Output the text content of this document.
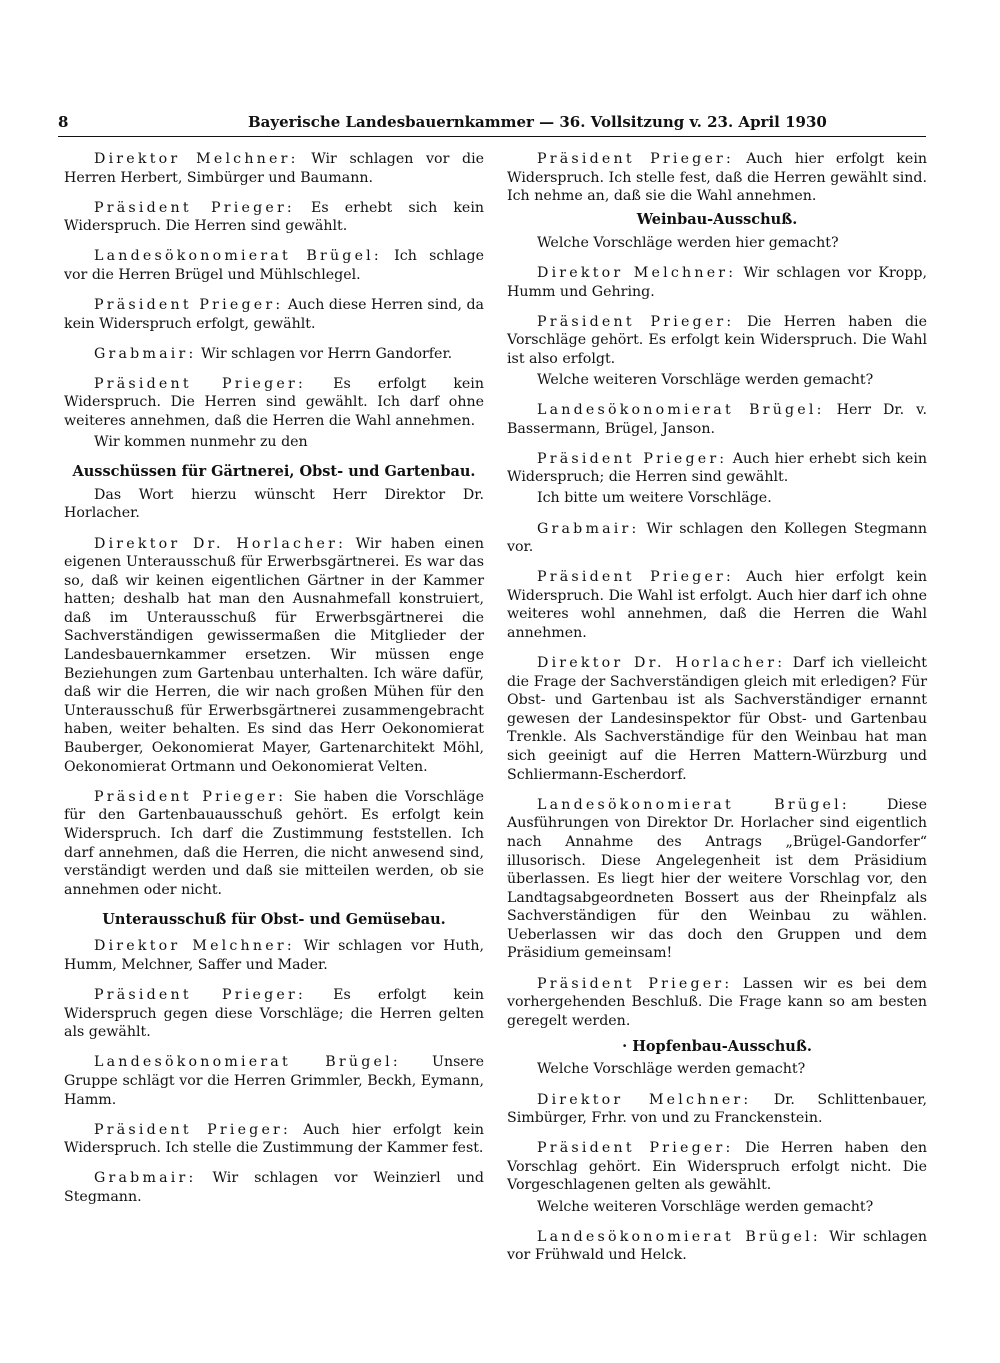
8	Bayerische Landesbauernkammer — 36. Vollsitzung v. 23. April 1930

Direktor Melchner: Wir schlagen vor die Herren Herbert, Simbürger und Baumann.

Präsident Prieger: Es erhebt sich kein Widerspruch. Die Herren sind gewählt.

Landesökonomierat Brügel: Ich schlage vor die Herren Brügel und Mühlschlegel.

Präsident Prieger: Auch diese Herren sind, da kein Widerspruch erfolgt, gewählt.

Grabmair: Wir schlagen vor Herrn Gandorfer.

Präsident Prieger: Es erfolgt kein Widerspruch. Die Herren sind gewählt. Ich darf ohne weiteres annehmen, daß die Herren die Wahl annehmen.

Wir kommen nunmehr zu den

Ausschüssen für Gärtnerei, Obst- und Gartenbau.

Das Wort hierzu wünscht Herr Direktor Dr. Horlacher.

Direktor Dr. Horlacher: Wir haben einen eigenen Unterausschuß für Erwerbsgärtnerei. Es war das so, daß wir keinen eigentlichen Gärtner in der Kammer hatten; deshalb hat man den Ausnahmefall konstruiert, daß im Unterausschuß für Erwerbsgärtnerei die Sachverständigen gewissermaßen die Mitglieder der Landesbauernkammer ersetzen. Wir müssen enge Beziehungen zum Gartenbau unterhalten. Ich wäre dafür, daß wir die Herren, die wir nach großen Mühen für den Unterausschuß für Erwerbsgärtnerei zusammengebracht haben, weiter behalten. Es sind das Herr Oekonomierat Bauberger, Oekonomierat Mayer, Gartenarchitekt Möhl, Oekonomierat Ortmann und Oekonomierat Velten.

Präsident Prieger: Sie haben die Vorschläge für den Gartenbauausschuß gehört. Es erfolgt kein Widerspruch. Ich darf die Zustimmung feststellen. Ich darf annehmen, daß die Herren, die nicht anwesend sind, verständigt werden und daß sie mitteilen werden, ob sie annehmen oder nicht.

Unterausschuß für Obst- und Gemüsebau.

Direktor Melchner: Wir schlagen vor Huth, Humm, Melchner, Saffer und Mader.

Präsident Prieger: Es erfolgt kein Widerspruch gegen diese Vorschläge; die Herren gelten als gewählt.

Landesökonomierat Brügel: Unsere Gruppe schlägt vor die Herren Grimmler, Beckh, Eymann, Hamm.

Präsident Prieger: Auch hier erfolgt kein Widerspruch. Ich stelle die Zustimmung der Kammer fest.

Grabmair: Wir schlagen vor Weinzierl und Stegmann.

Präsident Prieger: Auch hier erfolgt kein Widerspruch. Ich stelle fest, daß die Herren gewählt sind. Ich nehme an, daß sie die Wahl annehmen.

Weinbau-Ausschuß.

Welche Vorschläge werden hier gemacht?

Direktor Melchner: Wir schlagen vor Kropp, Humm und Gehring.

Präsident Prieger: Die Herren haben die Vorschläge gehört. Es erfolgt kein Widerspruch. Die Wahl ist also erfolgt.

Welche weiteren Vorschläge werden gemacht?

Landesökonomierat Brügel: Herr Dr. v. Bassermann, Brügel, Janson.

Präsident Prieger: Auch hier erhebt sich kein Widerspruch; die Herren sind gewählt.

Ich bitte um weitere Vorschläge.

Grabmair: Wir schlagen den Kollegen Stegmann vor.

Präsident Prieger: Auch hier erfolgt kein Widerspruch. Die Wahl ist erfolgt. Auch hier darf ich ohne weiteres wohl annehmen, daß die Herren die Wahl annehmen.

Direktor Dr. Horlacher: Darf ich vielleicht die Frage der Sachverständigen gleich mit erledigen? Für Obst- und Gartenbau ist als Sachverständiger ernannt gewesen der Landesinspektor für Obst- und Gartenbau Trenkle. Als Sachverständige für den Weinbau hat man sich geeinigt auf die Herren Mattern-Würzburg und Schliermann-Escherdorf.

Landesökonomierat Brügel:	Diese Ausführungen von Direktor Dr. Horlacher sind eigentlich nach Annahme des Antrags „Brügel-Gandorfer“ illusorisch. Diese Angelegenheit ist dem Präsidium überlassen. Es liegt hier der weitere Vorschlag vor, den Landtagsabgeordneten Bossert aus der Rheinpfalz als Sachverständigen für den Weinbau zu wählen. Ueberlassen wir das doch den Gruppen und dem Präsidium gemeinsam!

Präsident Prieger: Lassen wir es bei dem vorhergehenden Beschluß. Die Frage kann so am besten geregelt werden.

· Hopfenbau-Ausschuß.

Welche Vorschläge werden gemacht?

Direktor Melchner: Dr. Schlittenbauer, Simbürger, Frhr. von und zu Franckenstein.

Präsident Prieger: Die Herren haben den Vorschlag gehört. Ein Widerspruch erfolgt nicht. Die Vorgeschlagenen gelten als gewählt.

Welche weiteren Vorschläge werden gemacht?

Landesökonomierat Brügel: Wir schlagen vor Frühwald und Helck.
